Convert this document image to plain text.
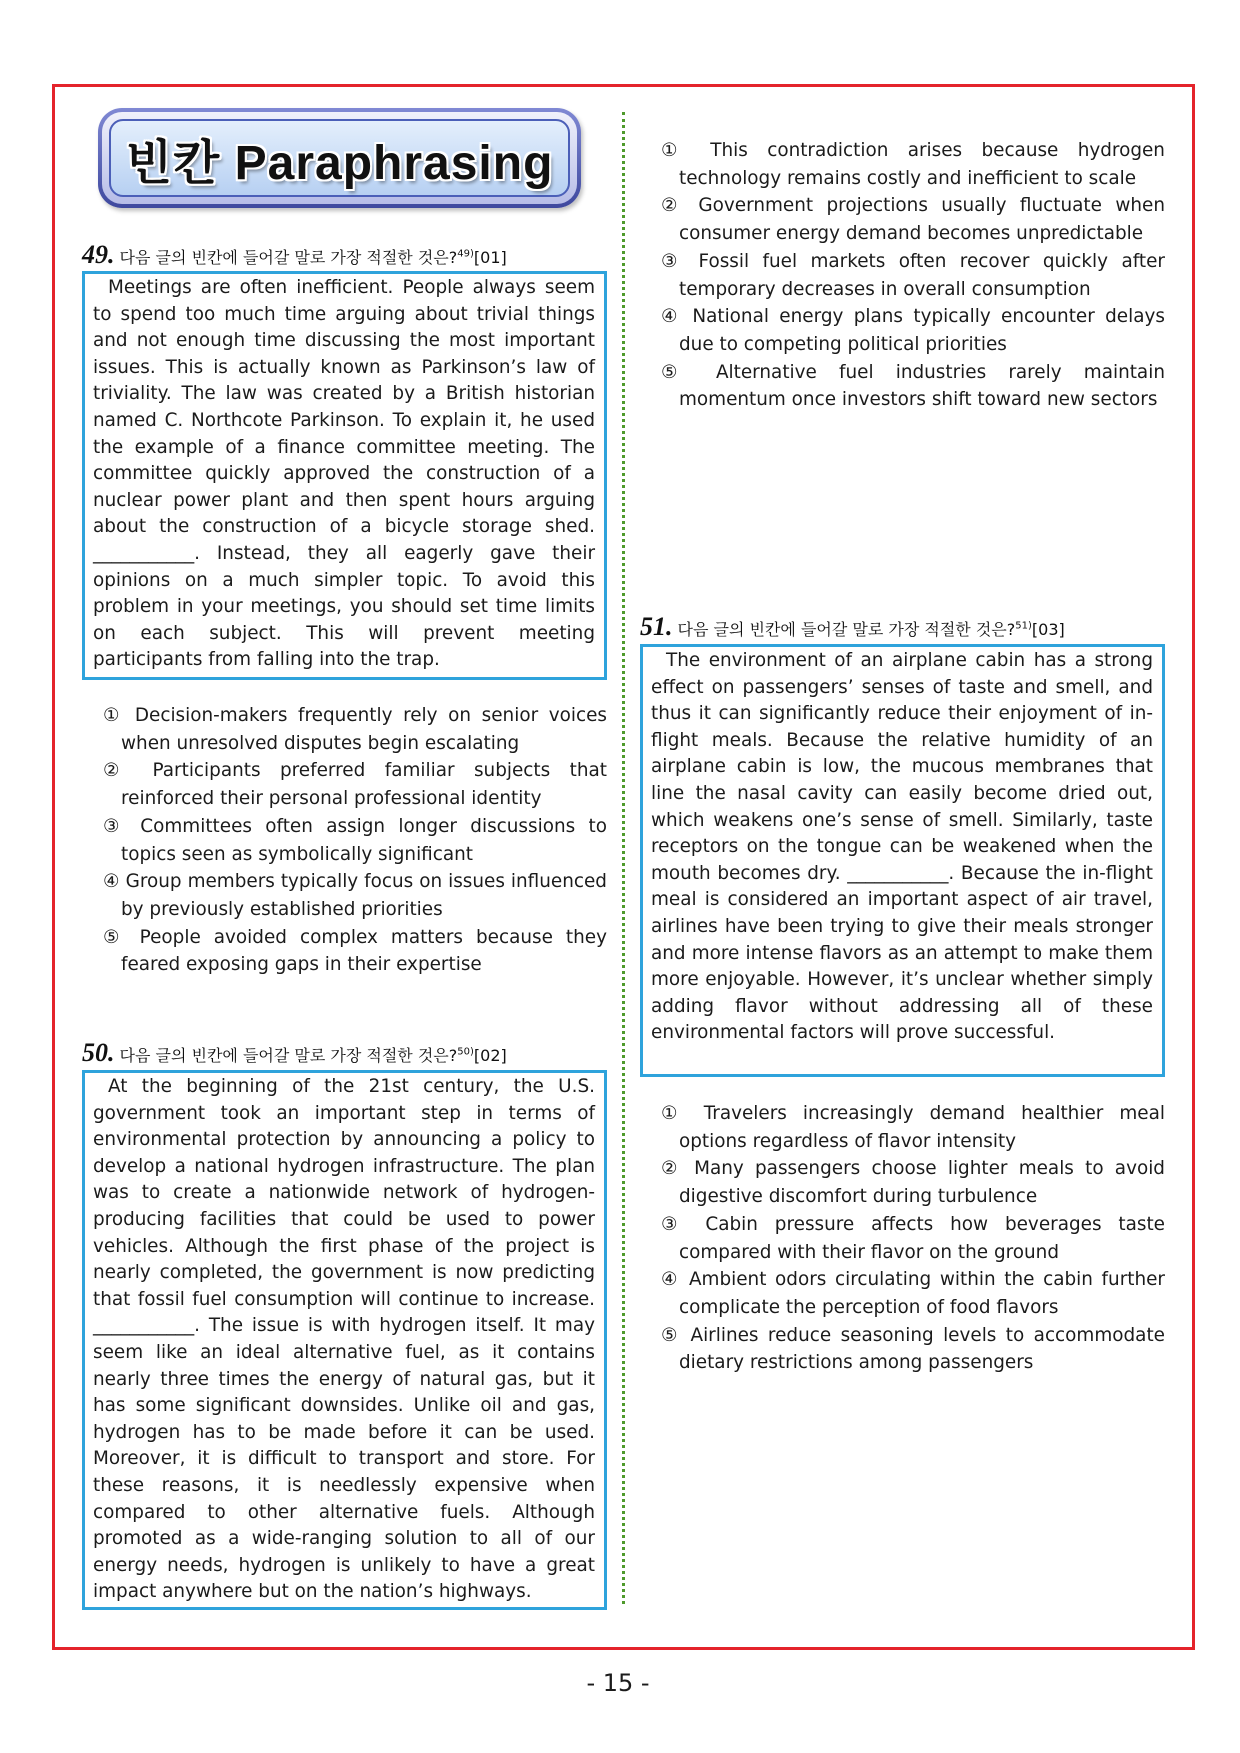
빈칸 Paraphrasing
49. 다음 글의 빈칸에 들어갈 말로 가장 적절한 것은?$^{49)}$[01]
Meetings are often inefficient. People always seem to spend too much time arguing about trivial things and not enough time discussing the most important issues. This is actually known as Parkinson’s law of triviality. The law was created by a British historian named C. Northcote Parkinson. To explain it, he used the example of a finance committee meeting. The committee quickly approved the construction of a nuclear power plant and then spent hours arguing about the construction of a bicycle storage shed. ___________. Instead, they all eagerly gave their opinions on a much simpler topic. To avoid this problem in your meetings, you should set time limits on each subject. This will prevent meeting participants from falling into the trap.
① Decision-makers frequently rely on senior voices when unresolved disputes begin escalating
② Participants preferred familiar subjects that reinforced their personal professional identity
③ Committees often assign longer discussions to topics seen as symbolically significant
④ Group members typically focus on issues influenced by previously established priorities
⑤ People avoided complex matters because they feared exposing gaps in their expertise
50. 다음 글의 빈칸에 들어갈 말로 가장 적절한 것은?$^{50)}$[02]
At the beginning of the 21st century, the U.S. government took an important step in terms of environmental protection by announcing a policy to develop a national hydrogen infrastructure. The plan was to create a nationwide network of hydrogen-producing facilities that could be used to power vehicles. Although the first phase of the project is nearly completed, the government is now predicting that fossil fuel consumption will continue to increase. ___________. The issue is with hydrogen itself. It may seem like an ideal alternative fuel, as it contains nearly three times the energy of natural gas, but it has some significant downsides. Unlike oil and gas, hydrogen has to be made before it can be used. Moreover, it is difficult to transport and store. For these reasons, it is needlessly expensive when compared to other alternative fuels. Although promoted as a wide-ranging solution to all of our energy needs, hydrogen is unlikely to have a great impact anywhere but on the nation’s highways.
① This contradiction arises because hydrogen technology remains costly and inefficient to scale
② Government projections usually fluctuate when consumer energy demand becomes unpredictable
③ Fossil fuel markets often recover quickly after temporary decreases in overall consumption
④ National energy plans typically encounter delays due to competing political priorities
⑤ Alternative fuel industries rarely maintain momentum once investors shift toward new sectors
51. 다음 글의 빈칸에 들어갈 말로 가장 적절한 것은?$^{51)}$[03]
The environment of an airplane cabin has a strong effect on passengers’ senses of taste and smell, and thus it can significantly reduce their enjoyment of in-flight meals. Because the relative humidity of an airplane cabin is low, the mucous membranes that line the nasal cavity can easily become dried out, which weakens one’s sense of smell. Similarly, taste receptors on the tongue can be weakened when the mouth becomes dry. ___________. Because the in-flight meal is considered an important aspect of air travel, airlines have been trying to give their meals stronger and more intense flavors as an attempt to make them more enjoyable. However, it’s unclear whether simply adding flavor without addressing all of these environmental factors will prove successful.
① Travelers increasingly demand healthier meal options regardless of flavor intensity
② Many passengers choose lighter meals to avoid digestive discomfort during turbulence
③ Cabin pressure affects how beverages taste compared with their flavor on the ground
④ Ambient odors circulating within the cabin further complicate the perception of food flavors
⑤ Airlines reduce seasoning levels to accommodate dietary restrictions among passengers
- 15 -
